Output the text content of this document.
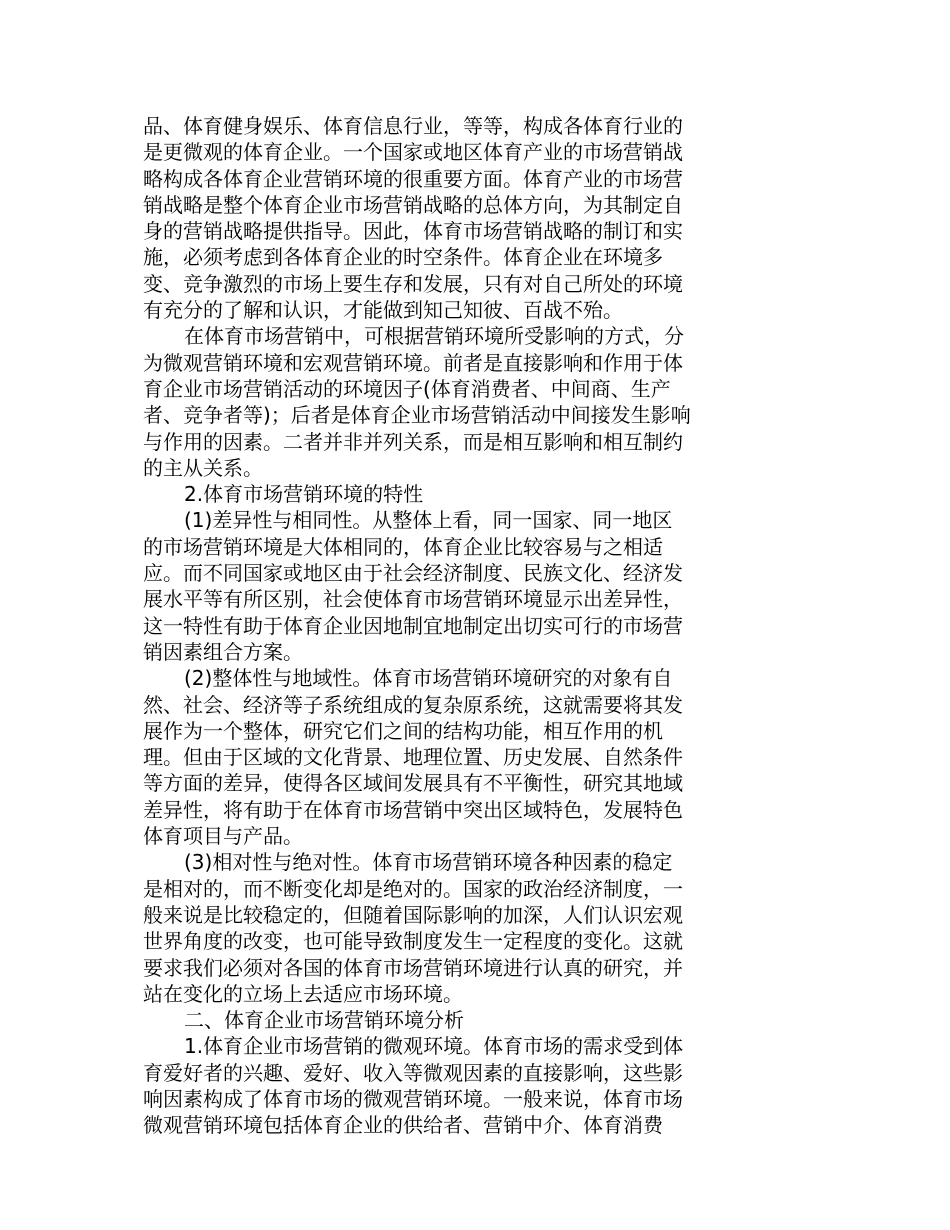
品、体育健身娱乐、体育信息行业，等等，构成各体育行业的
是更微观的体育企业。一个国家或地区体育产业的市场营销战
略构成各体育企业营销环境的很重要方面。体育产业的市场营
销战略是整个体育企业市场营销战略的总体方向，为其制定自
身的营销战略提供指导。因此，体育市场营销战略的制订和实
施，必须考虑到各体育企业的时空条件。体育企业在环境多
变、竞争激烈的市场上要生存和发展，只有对自己所处的环境
有充分的了解和认识，才能做到知己知彼、百战不殆。
在体育市场营销中，可根据营销环境所受影响的方式，分
为微观营销环境和宏观营销环境。前者是直接影响和作用于体
育企业市场营销活动的环境因子(体育消费者、中间商、生产
者、竞争者等)；后者是体育企业市场营销活动中间接发生影响
与作用的因素。二者并非并列关系，而是相互影响和相互制约
的主从关系。
2.体育市场营销环境的特性
(1)差异性与相同性。从整体上看，同一国家、同一地区
的市场营销环境是大体相同的，体育企业比较容易与之相适
应。而不同国家或地区由于社会经济制度、民族文化、经济发
展水平等有所区别，社会使体育市场营销环境显示出差异性，
这一特性有助于体育企业因地制宜地制定出切实可行的市场营
销因素组合方案。
(2)整体性与地域性。体育市场营销环境研究的对象有自
然、社会、经济等子系统组成的复杂原系统，这就需要将其发
展作为一个整体，研究它们之间的结构功能，相互作用的机
理。但由于区域的文化背景、地理位置、历史发展、自然条件
等方面的差异，使得各区域间发展具有不平衡性，研究其地域
差异性，将有助于在体育市场营销中突出区域特色，发展特色
体育项目与产品。
(3)相对性与绝对性。体育市场营销环境各种因素的稳定
是相对的，而不断变化却是绝对的。国家的政治经济制度，一
般来说是比较稳定的，但随着国际影响的加深，人们认识宏观
世界角度的改变，也可能导致制度发生一定程度的变化。这就
要求我们必须对各国的体育市场营销环境进行认真的研究，并
站在变化的立场上去适应市场环境。
二、体育企业市场营销环境分析
1.体育企业市场营销的微观环境。体育市场的需求受到体
育爱好者的兴趣、爱好、收入等微观因素的直接影响，这些影
响因素构成了体育市场的微观营销环境。一般来说，体育市场
微观营销环境包括体育企业的供给者、营销中介、体育消费
